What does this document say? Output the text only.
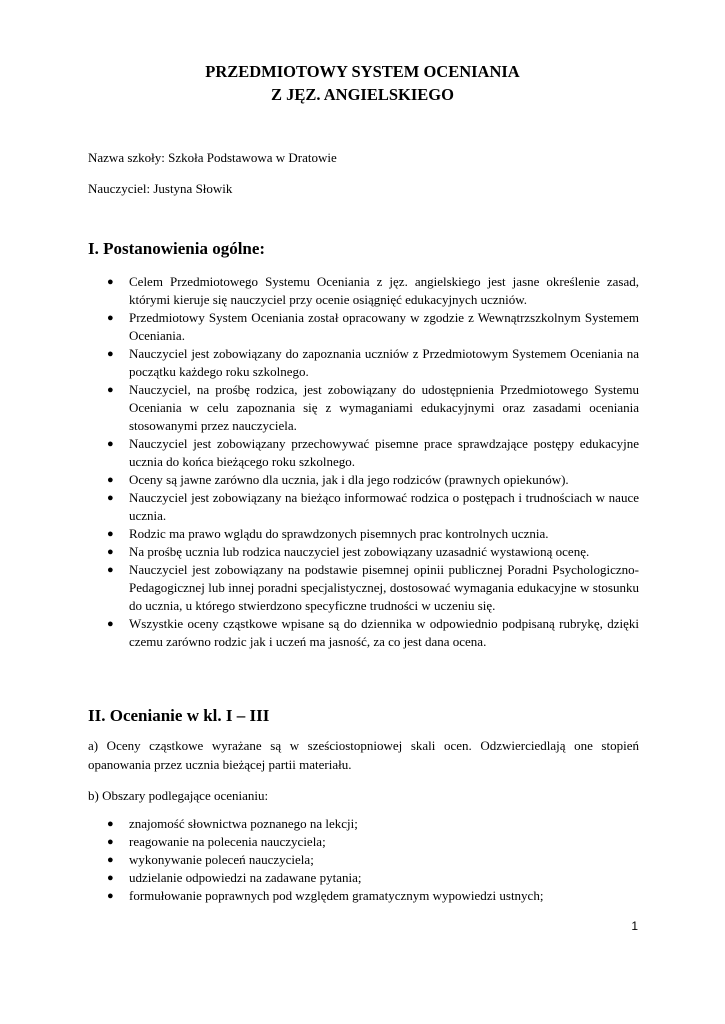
PRZEDMIOTOWY SYSTEM OCENIANIA
Z JĘZ. ANGIELSKIEGO
Nazwa szkoły: Szkoła Podstawowa w Dratowie
Nauczyciel: Justyna Słowik
I. Postanowienia ogólne:
● Celem Przedmiotowego Systemu Oceniania z jęz. angielskiego jest jasne określenie zasad, którymi kieruje się nauczyciel przy ocenie osiągnięć edukacyjnych uczniów.
● Przedmiotowy System Oceniania został opracowany w zgodzie z Wewnątrzszkolnym Systemem Oceniania.
● Nauczyciel jest zobowiązany do zapoznania uczniów z Przedmiotowym Systemem Oceniania na początku każdego roku szkolnego.
● Nauczyciel, na prośbę rodzica, jest zobowiązany do udostępnienia Przedmiotowego Systemu Oceniania w celu zapoznania się z wymaganiami edukacyjnymi oraz zasadami oceniania stosowanymi przez nauczyciela.
● Nauczyciel jest zobowiązany przechowywać pisemne prace sprawdzające postępy edukacyjne ucznia do końca bieżącego roku szkolnego.
● Oceny są jawne zarówno dla ucznia, jak i dla jego rodziców (prawnych opiekunów).
● Nauczyciel jest zobowiązany na bieżąco informować rodzica o postępach i trudnościach w nauce ucznia.
● Rodzic ma prawo wglądu do sprawdzonych pisemnych prac kontrolnych ucznia.
● Na prośbę ucznia lub rodzica nauczyciel jest zobowiązany uzasadnić wystawioną ocenę.
● Nauczyciel jest zobowiązany na podstawie pisemnej opinii publicznej Poradni Psychologiczno- Pedagogicznej lub innej poradni specjalistycznej, dostosować wymagania edukacyjne w stosunku do ucznia, u którego stwierdzono specyficzne trudności w uczeniu się.
● Wszystkie oceny cząstkowe wpisane są do dziennika w odpowiednio podpisaną rubrykę, dzięki czemu zarówno rodzic jak i uczeń ma jasność, za co jest dana ocena.
II. Ocenianie w kl. I – III

a) Oceny cząstkowe wyrażane są w sześciostopniowej skali ocen. Odzwierciedlają one stopień opanowania przez ucznia bieżącej partii materiału.

b) Obszary podlegające ocenianiu:

● znajomość słownictwa poznanego na lekcji;
● reagowanie na polecenia nauczyciela;
● wykonywanie poleceń nauczyciela;
● udzielanie odpowiedzi na zadawane pytania;
● formułowanie poprawnych pod względem gramatycznym wypowiedzi ustnych;
1
